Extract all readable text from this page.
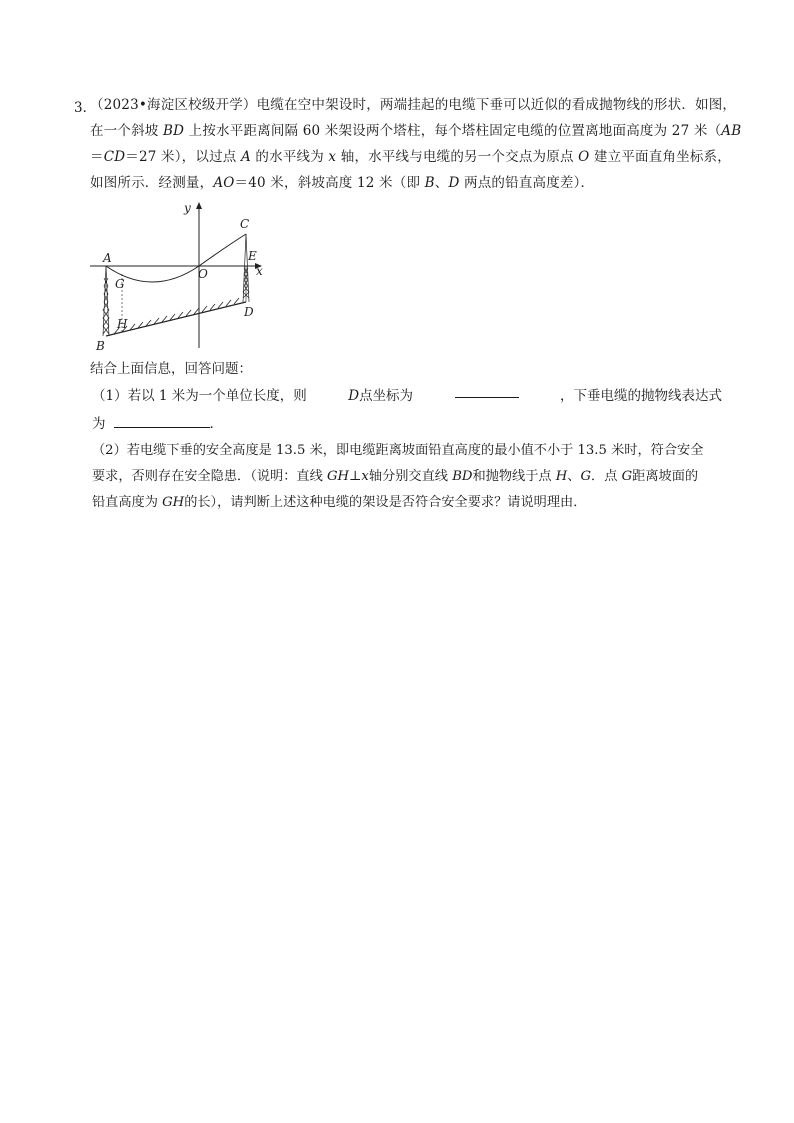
3．
（2023•海淀区校级开学）电缆在空中架设时，两端挂起的电缆下垂可以近似的看成抛物线的形状．如图，
在一个斜坡 BD 上按水平距离间隔 60 米架设两个塔柱，每个塔柱固定电缆的位置离地面高度为 27 米（AB
＝CD＝27 米），以过点 A 的水平线为 x 轴，水平线与电缆的另一个交点为原点 O 建立平面直角坐标系，
如图所示．经测量，AO＝40 米，斜坡高度 12 米（即 B、D 两点的铅直高度差）．
y
x
A
B
C
D
E
G
H
O
结合上面信息，回答问题：
（1）若以 1 米为一个单位长度，则	D点坐标为	，下垂电缆的抛物线表达式
为	．
（2）若电缆下垂的安全高度是 13.5 米，即电缆距离坡面铅直高度的最小值不小于 13.5 米时，符合安全
要求，否则存在安全隐患．（说明：直线 GH⊥x轴分别交直线 BD和抛物线于点 H、G．点 G距离坡面的
铅直高度为 GH的长），请判断上述这种电缆的架设是否符合安全要求？请说明理由．
